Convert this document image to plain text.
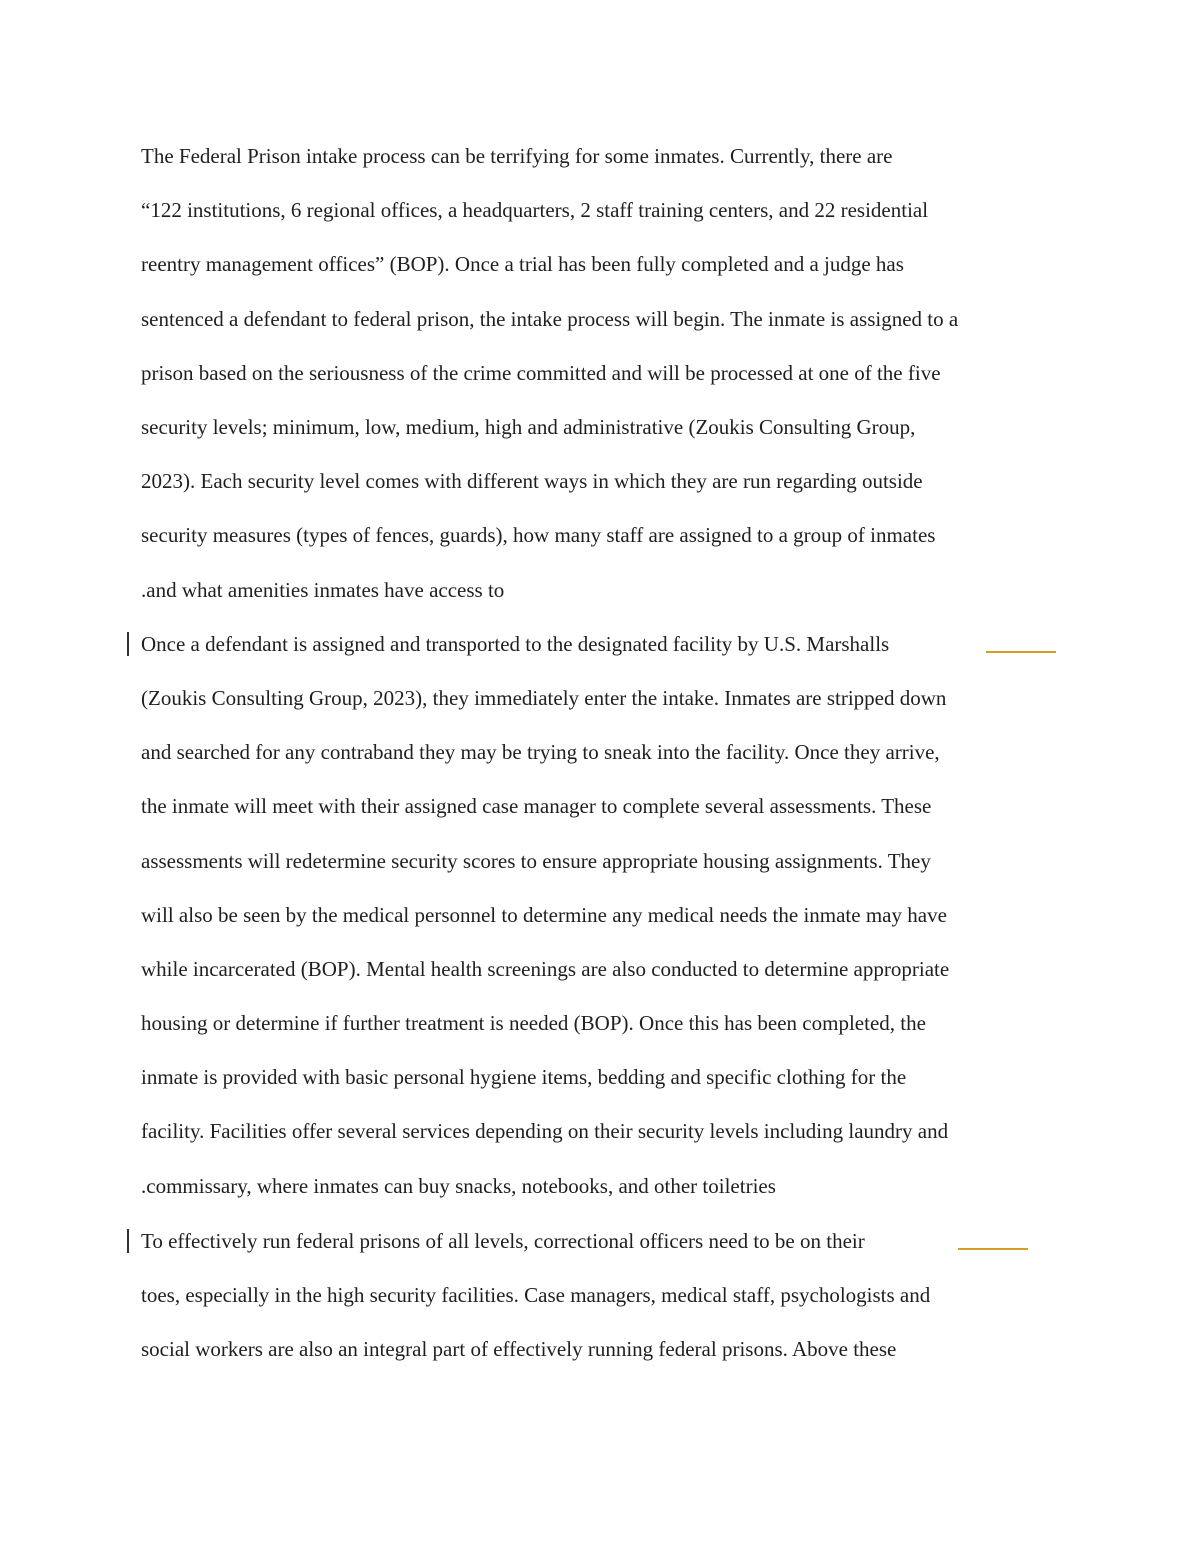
The Federal Prison intake process can be terrifying for some inmates. Currently, there are
“122 institutions, 6 regional offices, a headquarters, 2 staff training centers, and 22 residential
reentry management offices” (BOP). Once a trial has been fully completed and a judge has
sentenced a defendant to federal prison, the intake process will begin. The inmate is assigned to a
prison based on the seriousness of the crime committed and will be processed at one of the five
security levels; minimum, low, medium, high and administrative (Zoukis Consulting Group,
2023). Each security level comes with different ways in which they are run regarding outside
security measures (types of fences, guards), how many staff are assigned to a group of inmates
.and what amenities inmates have access to
Once a defendant is assigned and transported to the designated facility by U.S. Marshalls
(Zoukis Consulting Group, 2023), they immediately enter the intake. Inmates are stripped down
and searched for any contraband they may be trying to sneak into the facility. Once they arrive,
the inmate will meet with their assigned case manager to complete several assessments. These
assessments will redetermine security scores to ensure appropriate housing assignments. They
will also be seen by the medical personnel to determine any medical needs the inmate may have
while incarcerated (BOP). Mental health screenings are also conducted to determine appropriate
housing or determine if further treatment is needed (BOP). Once this has been completed, the
inmate is provided with basic personal hygiene items, bedding and specific clothing for the
facility. Facilities offer several services depending on their security levels including laundry and
.commissary, where inmates can buy snacks, notebooks, and other toiletries
To effectively run federal prisons of all levels, correctional officers need to be on their
toes, especially in the high security facilities. Case managers, medical staff, psychologists and
social workers are also an integral part of effectively running federal prisons. Above these
